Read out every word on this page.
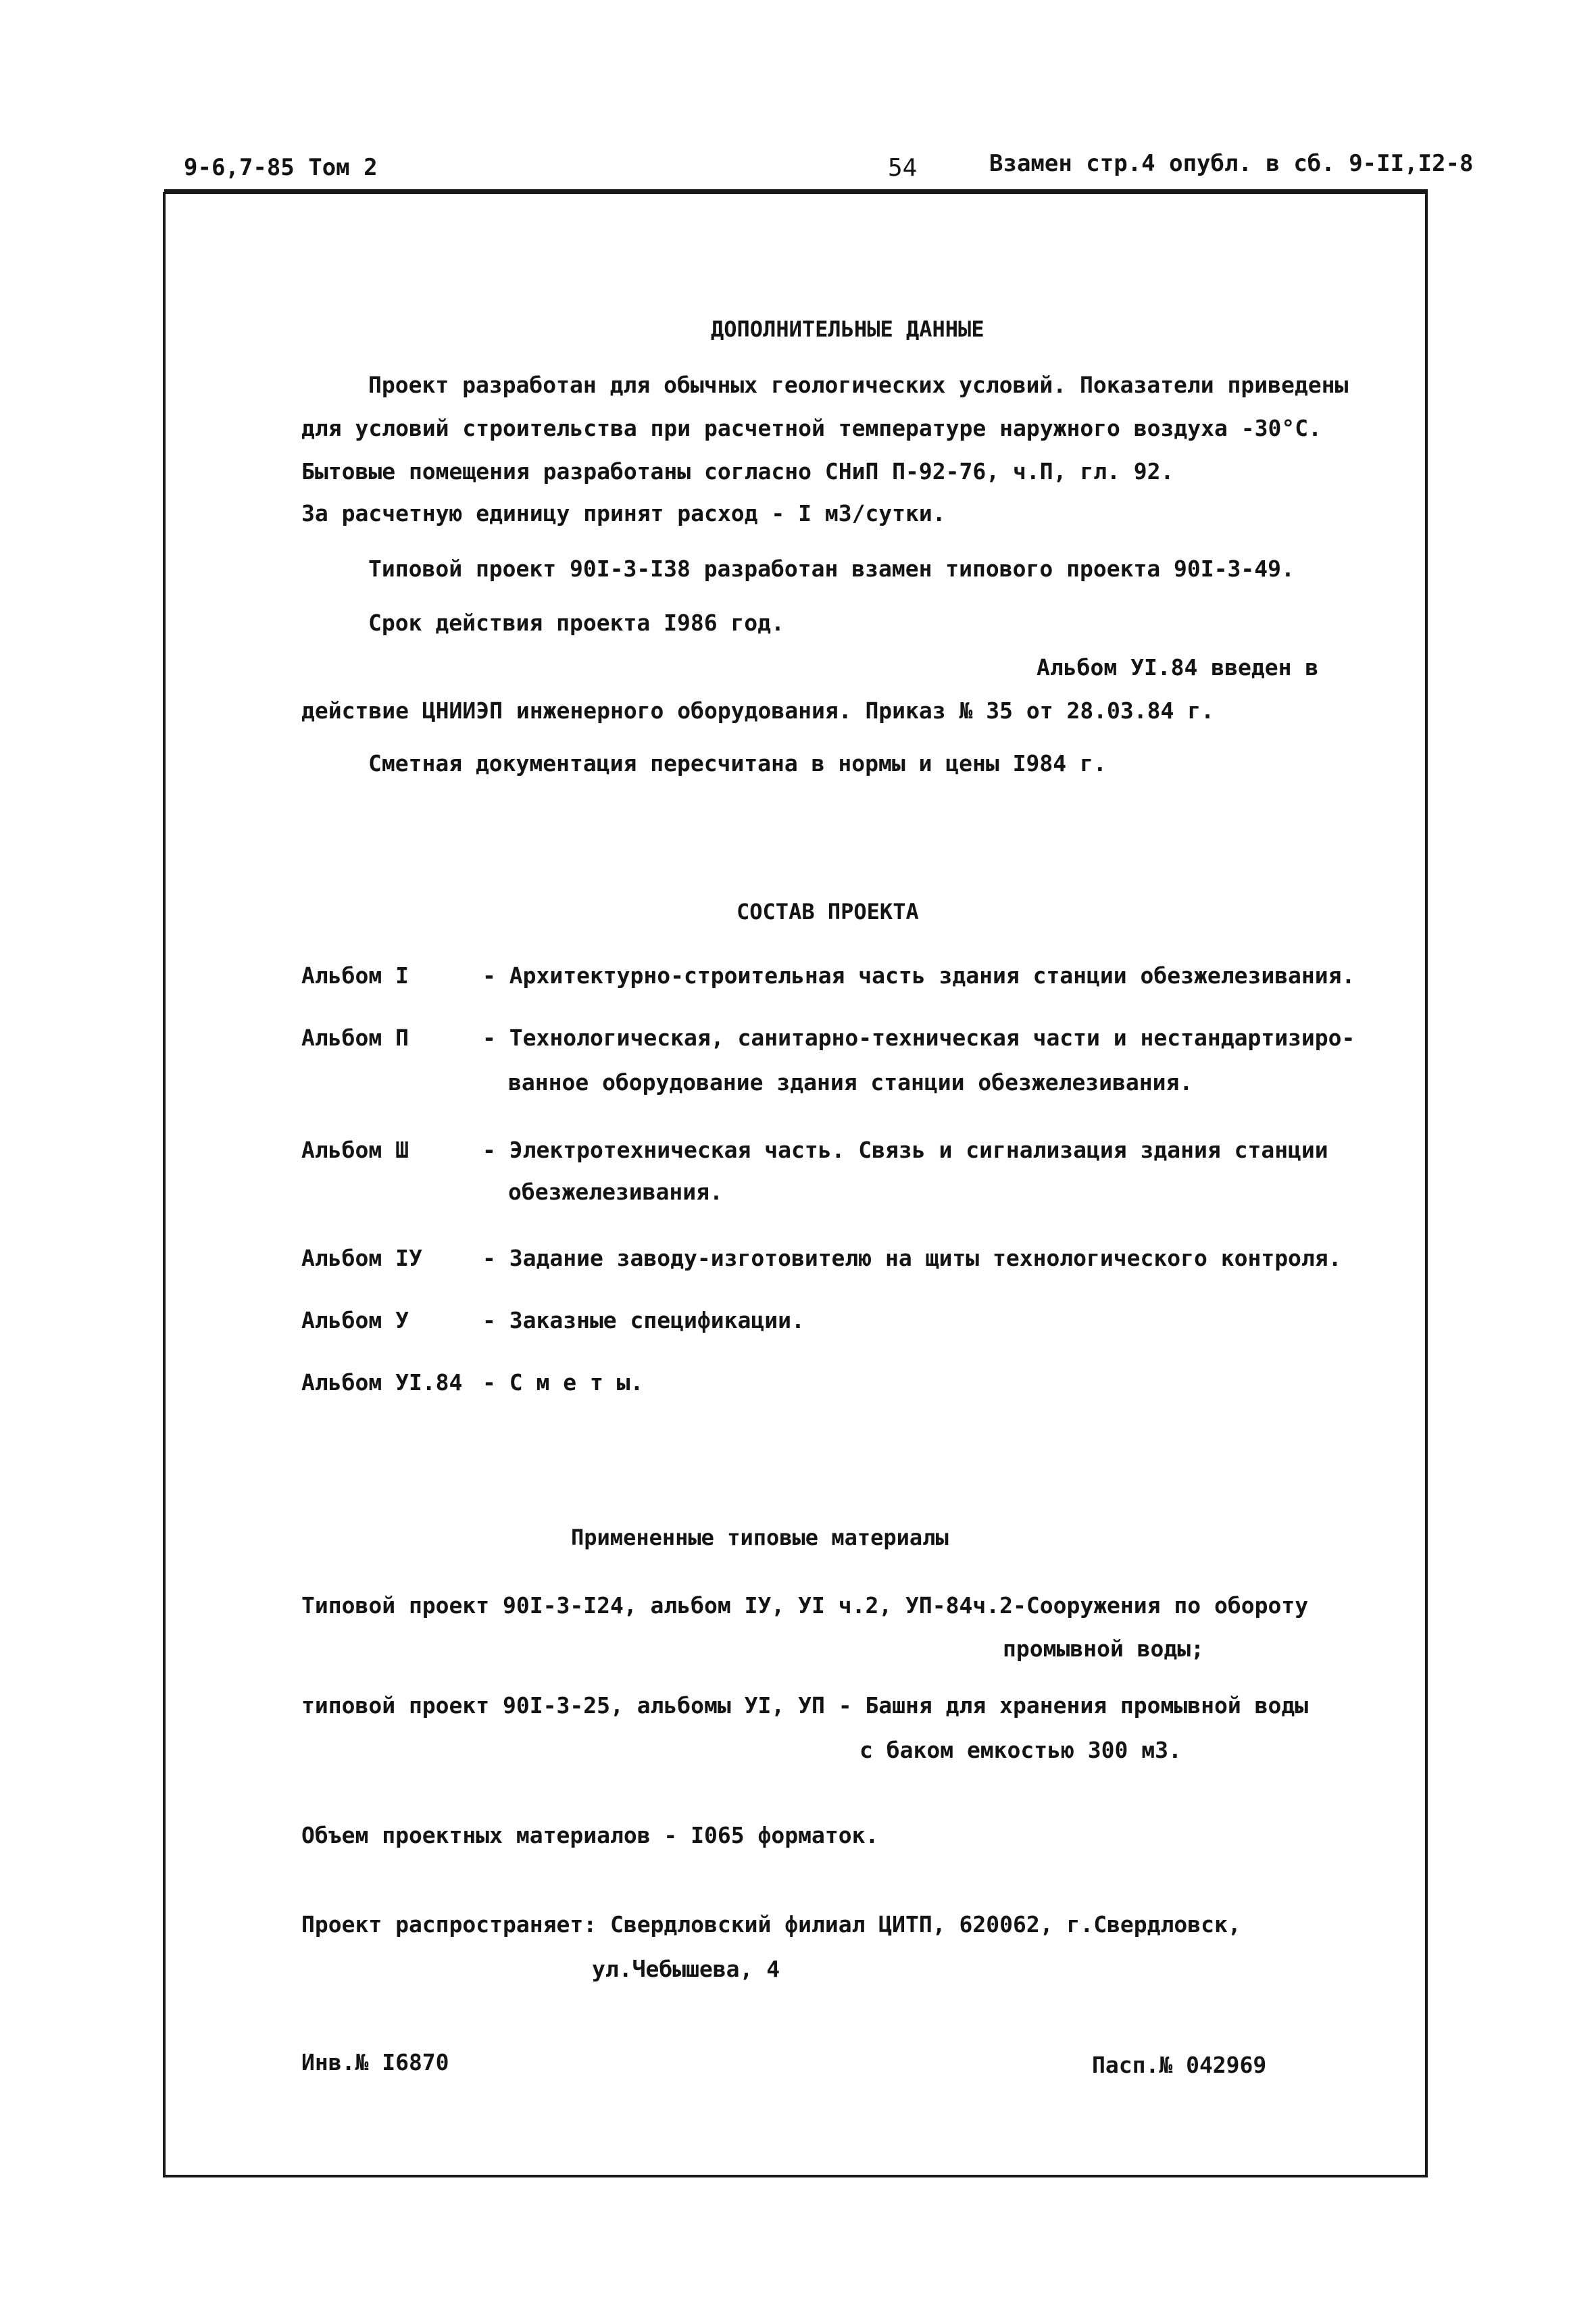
9-6,7-85 Том 2	54	Взамен стр.4 опубл. в сб. 9-II,I2-8
ДОПОЛНИТЕЛЬНЫЕ ДАННЫЕ
Проект разработан для обычных геологических условий. Показатели приведены
для условий строительства при расчетной температуре наружного воздуха -30°С.
Бытовые помещения разработаны согласно СНиП П-92-76, ч.П, гл. 92.
За расчетную единицу принят расход - I м3/сутки.
Типовой проект 90I-3-I38 разработан взамен типового проекта 90I-3-49.
Срок действия проекта I986 год.
Альбом УI.84 введен в
действие ЦНИИЭП инженерного оборудования. Приказ № 35 от 28.03.84 г.
Сметная документация пересчитана в нормы и цены I984 г.
СОСТАВ ПРОЕКТА
Альбом I	- Архитектурно-строительная часть здания станции обезжелезивания.
Альбом П	- Технологическая, санитарно-техническая части и нестандартизиро-
ванное оборудование здания станции обезжелезивания.
Альбом Ш	- Электротехническая часть. Связь и сигнализация здания станции
обезжелезивания.
Альбом IУ	- Задание заводу-изготовителю на щиты технологического контроля.
Альбом У	- Заказные спецификации.
Альбом УI.84 - С м е т ы.
Примененные типовые материалы
Типовой проект 90I-3-I24, альбом IУ, УI ч.2, УП-84ч.2-Сооружения по обороту
промывной воды;
типовой проект 90I-3-25, альбомы УI, УП - Башня для хранения промывной воды
с баком емкостью 300 м3.
Объем проектных материалов - I065 форматок.
Проект распространяет: Свердловский филиал ЦИТП, 620062, г.Свердловск,
ул.Чебышева, 4
Инв.№ I6870	Пасп.№ 042969
